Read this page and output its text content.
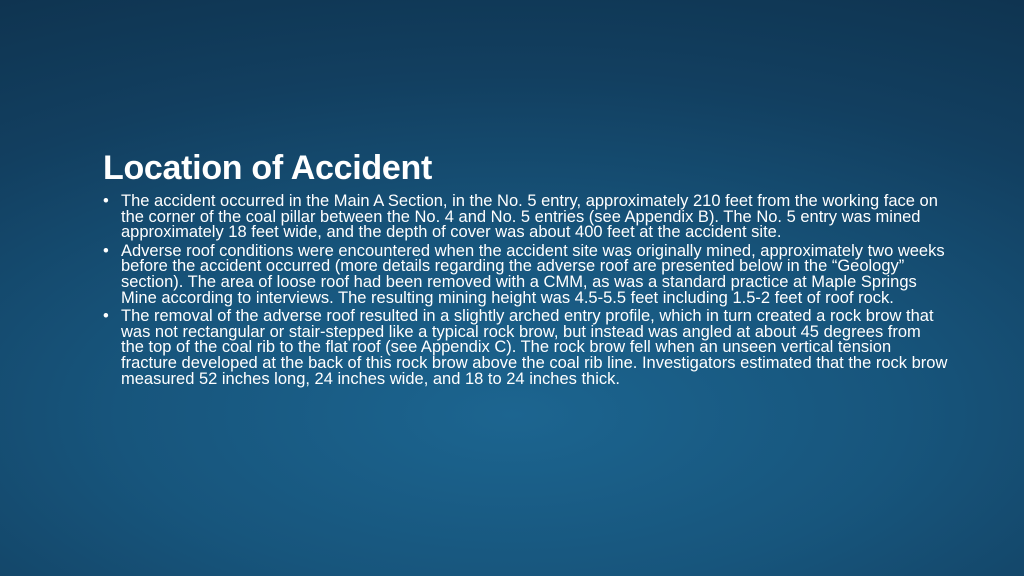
Location of Accident
• The accident occurred in the Main A Section, in the No. 5 entry, approximately 210 feet from the working face on the corner of the coal pillar between the No. 4 and No. 5 entries (see Appendix B). The No. 5 entry was mined approximately 18 feet wide, and the depth of cover was about 400 feet at the accident site.
• Adverse roof conditions were encountered when the accident site was originally mined, approximately two weeks before the accident occurred (more details regarding the adverse roof are presented below in the “Geology” section). The area of loose roof had been removed with a CMM, as was a standard practice at Maple Springs Mine according to interviews. The resulting mining height was 4.5-5.5 feet including 1.5-2 feet of roof rock.
• The removal of the adverse roof resulted in a slightly arched entry profile, which in turn created a rock brow that was not rectangular or stair-stepped like a typical rock brow, but instead was angled at about 45 degrees from the top of the coal rib to the flat roof (see Appendix C). The rock brow fell when an unseen vertical tension fracture developed at the back of this rock brow above the coal rib line. Investigators estimated that the rock brow measured 52 inches long, 24 inches wide, and 18 to 24 inches thick.
